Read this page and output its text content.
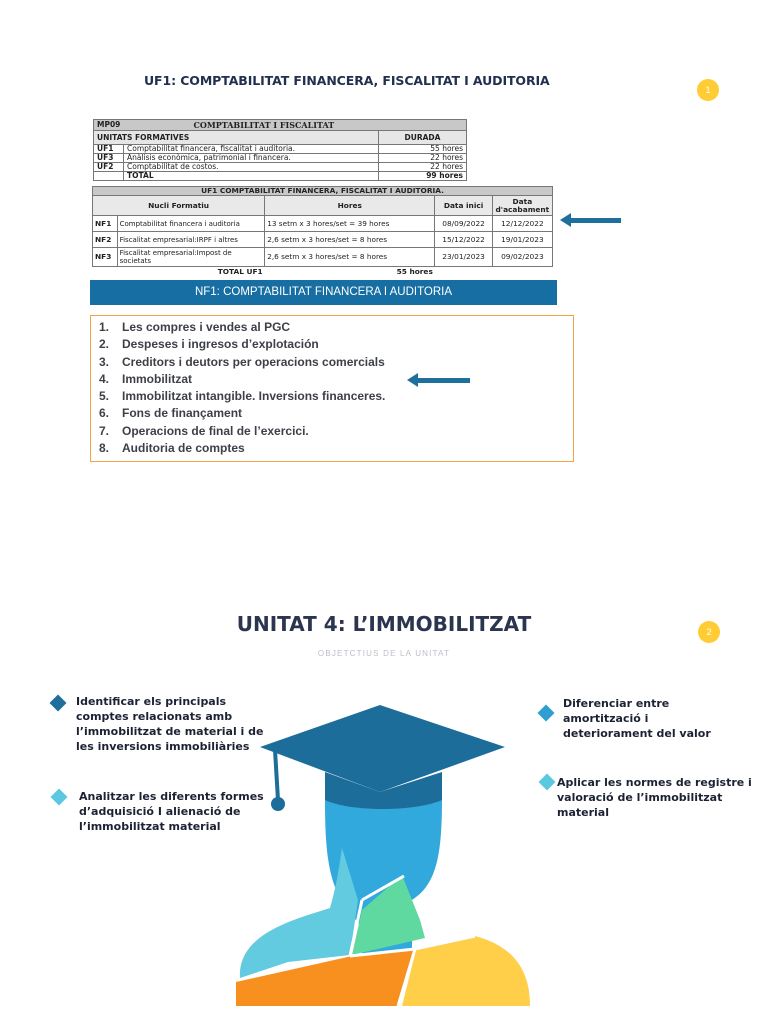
1
UF1: COMPTABILITAT FINANCERA, FISCALITAT I AUDITORIA
MP09	COMPTABILITAT I FISCALITAT	
UNITATS FORMATIVES		DURADA
UF1	Comptabilitat financera, fiscalitat i auditoria.	55 hores
UF3	Anàlisis econòmica, patrimonial i financera.	22 hores
UF2	Comptabilitat de costos.	22 hores
	TOTAL	99 hores
UF1 COMPTABILITAT FINANCERA, FISCALITAT I AUDITORIA.				
Nucli Formatiu		Hores	Data inici	Data d'acabament
NF1	Comptabilitat financera i auditoria	13 setm x 3 hores/set = 39 hores	08/09/2022	12/12/2022
NF2	Fiscalitat empresarial:IRPF i altres	2,6 setm x 3 hores/set = 8 hores	15/12/2022	19/01/2023
NF3	Fiscalitat empresarial:Impost de societats	2,6 setm x 3 hores/set = 8 hores	23/01/2023	09/02/2023
	TOTAL UF1	55 hores		
NF1: COMPTABILITAT FINANCERA I AUDITORIA
1. Les compres i vendes al PGC
2. Despeses i ingresos d’explotación
3. Creditors i deutors per operacions comercials
4. Immobilitzat
5. Immobilitzat intangible. Inversions financeres.
6. Fons de finançament
7. Operacions de final de l’exercici.
8. Auditoria de comptes
2
UNITAT 4: L’IMMOBILITZAT
OBJETCTIUS DE LA UNITAT
Identificar els principals comptes relacionats amb l’immobilitzat de material i de les inversions immobiliàries
Analitzar les diferents formes d’adquisició I alienació de l’immobilitzat material
Diferenciar entre amortització i deteriorament del valor
Aplicar les normes de registre i valoració de l’immobilitzat material
